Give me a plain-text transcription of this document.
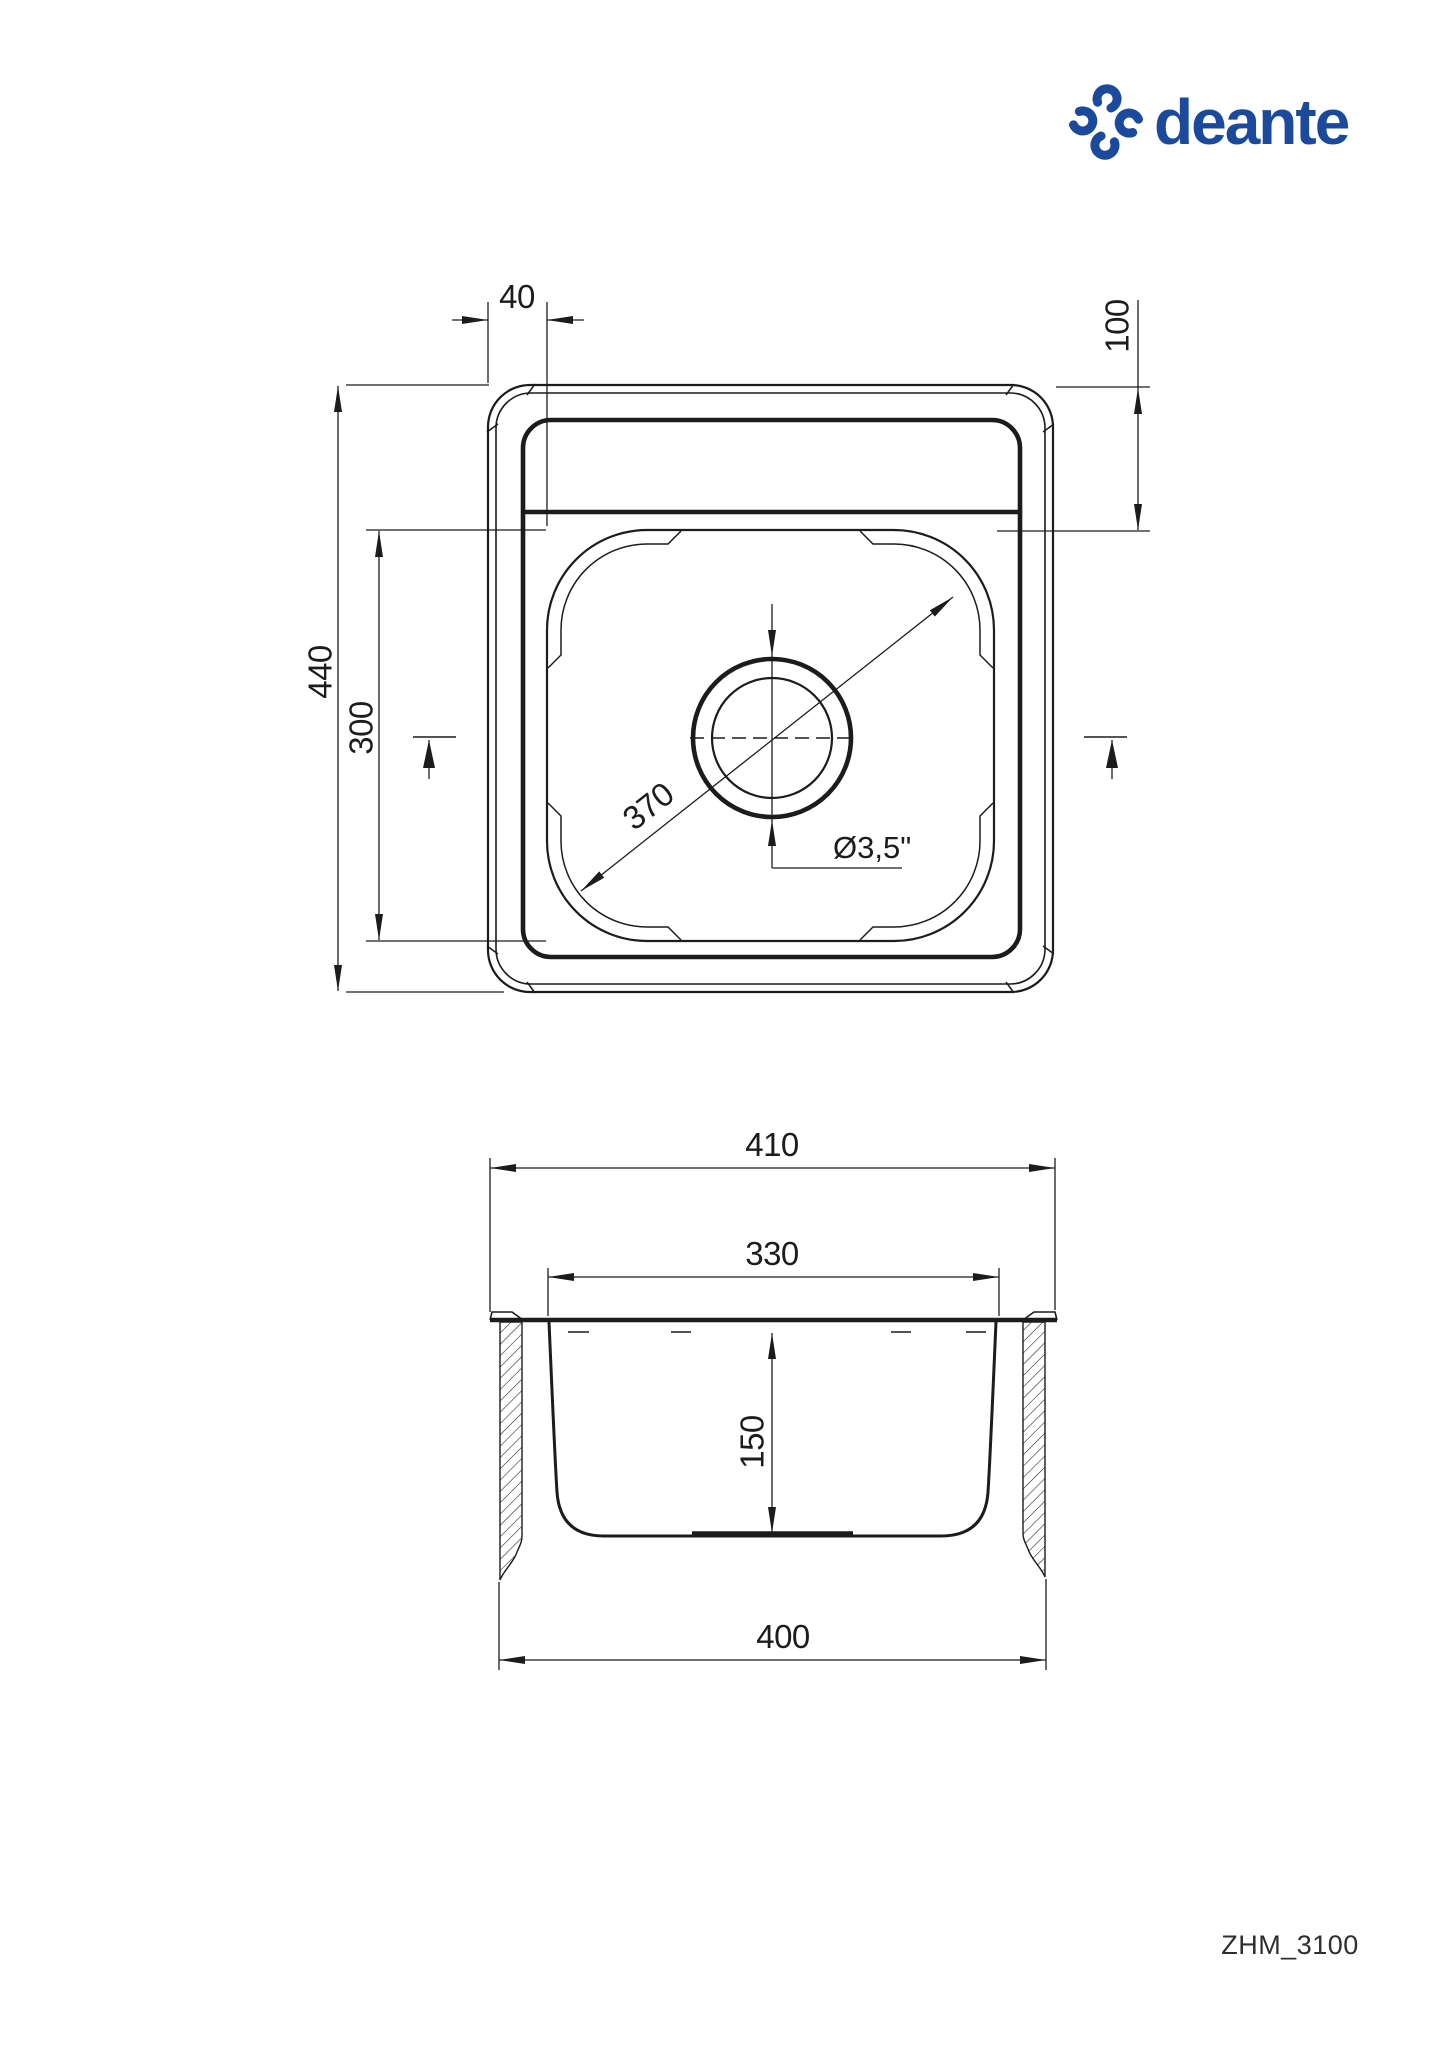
Ø3,5"
370
40
440
300
100
410
330
150
400
deante
ZHM_3100
